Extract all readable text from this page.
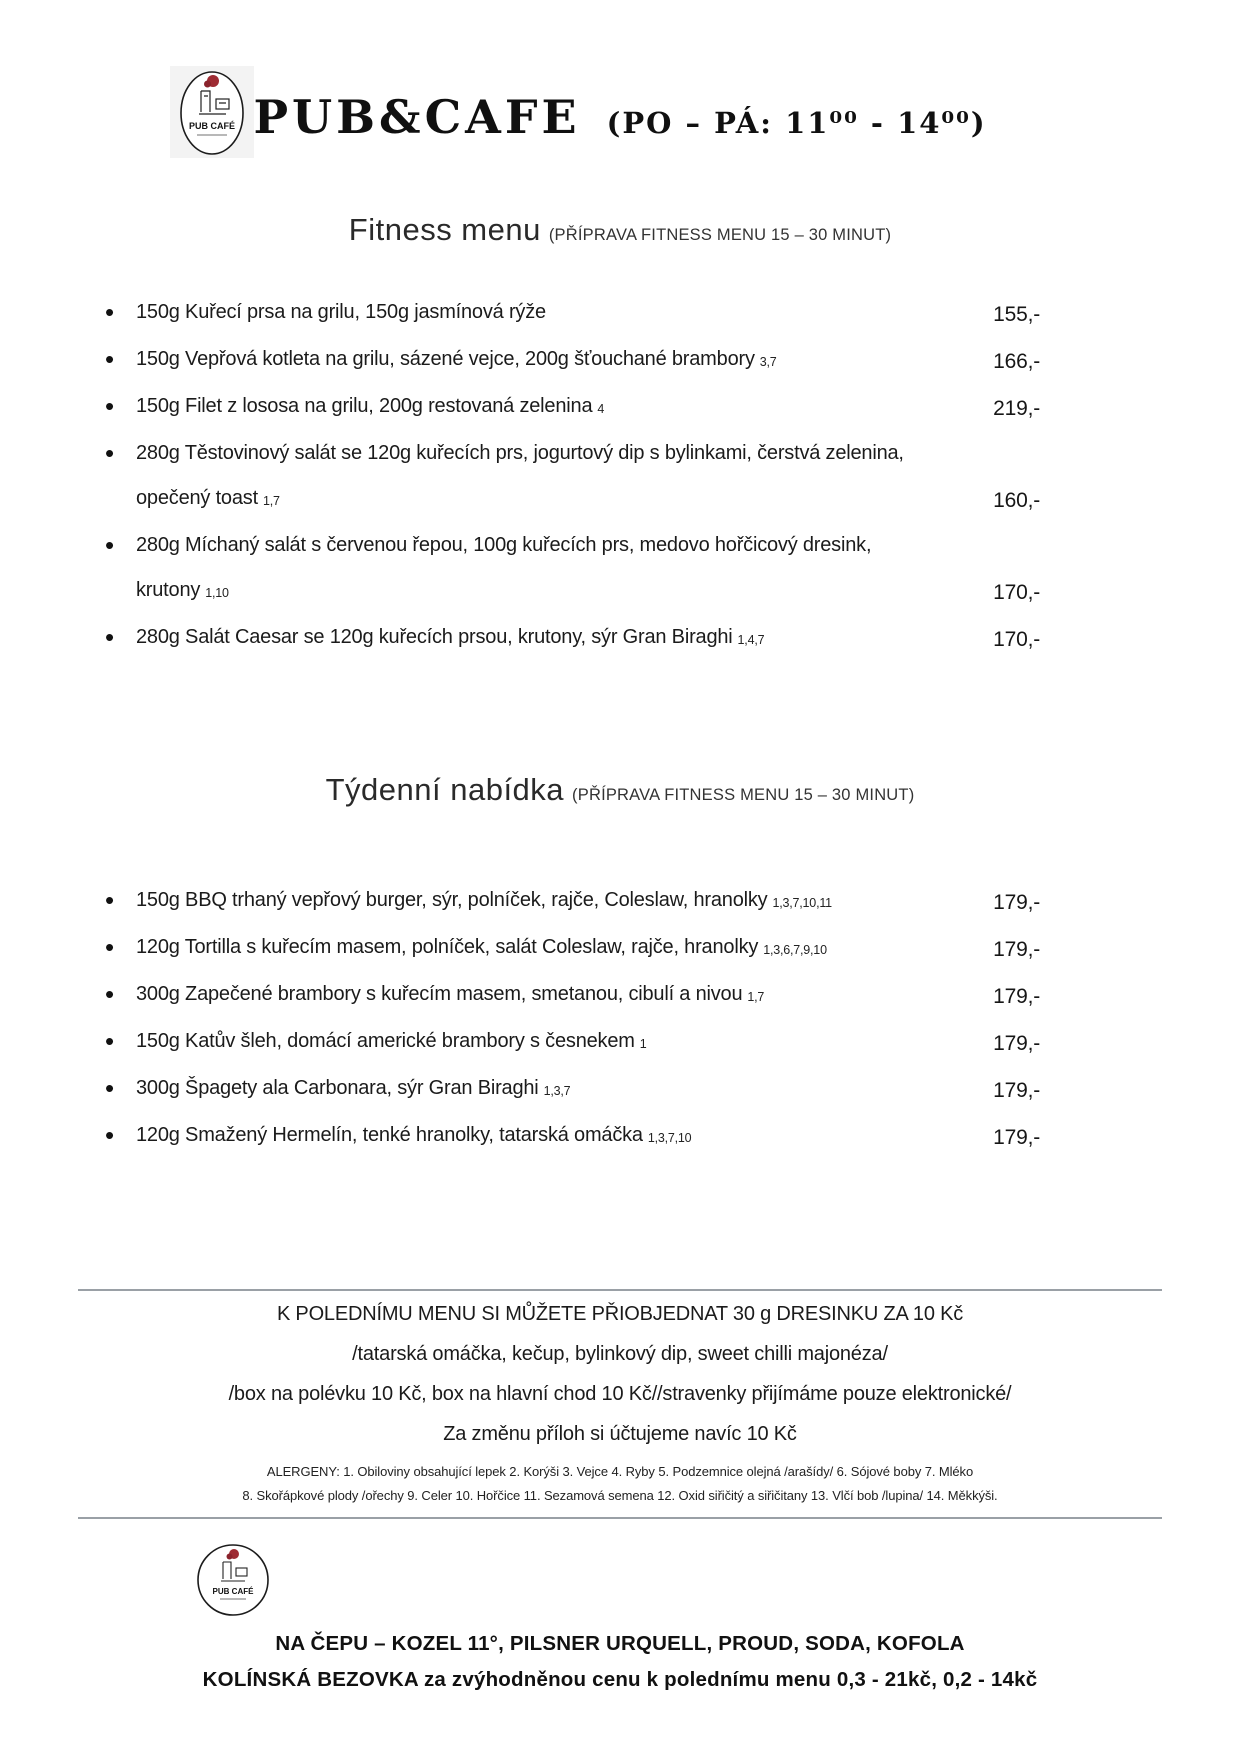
PUB CAFÉ PUB&CAFE (PO – PÁ: 11⁰⁰ - 14⁰⁰)
Fitness menu (PŘÍPRAVA FITNESS MENU 15 – 30 MINUT)
•
150g Kuřecí prsa na grilu, 150g jasmínová rýže	155,-
•
150g Vepřová kotleta na grilu, sázené vejce, 200g šťouchané brambory 3,7	166,-
•
150g Filet z lososa na grilu, 200g restovaná zelenina 4	219,-
•
280g Těstovinový salát se 120g kuřecích prs, jogurtový dip s bylinkami, čerstvá zelenina, opečený toast 1,7	160,-
•
280g Míchaný salát s červenou řepou, 100g kuřecích prs, medovo hořčicový dresink, krutony 1,10	170,-
•
280g Salát Caesar se 120g kuřecích prsou, krutony, sýr Gran Biraghi 1,4,7	170,-
Týdenní nabídka (PŘÍPRAVA FITNESS MENU 15 – 30 MINUT)
•
150g BBQ trhaný vepřový burger, sýr, polníček, rajče, Coleslaw, hranolky 1,3,7,10,11	179,-
•
120g Tortilla s kuřecím masem, polníček, salát Coleslaw, rajče, hranolky 1,3,6,7,9,10	179,-
•
300g Zapečené brambory s kuřecím masem, smetanou, cibulí a nivou 1,7	179,-
•
150g Katův šleh, domácí americké brambory s česnekem 1	179,-
•
300g Špagety ala Carbonara, sýr Gran Biraghi 1,3,7	179,-
•
120g Smažený Hermelín, tenké hranolky, tatarská omáčka 1,3,7,10	179,-
K POLEDNÍMU MENU SI MŮŽETE PŘIOBJEDNAT 30 g DRESINKU ZA 10 Kč
/tatarská omáčka, kečup, bylinkový dip, sweet chilli majonéza/
/box na polévku 10 Kč, box na hlavní chod 10 Kč//stravenky přijímáme pouze elektronické/
Za změnu příloh si účtujeme navíc 10 Kč
ALERGENY: 1. Obiloviny obsahující lepek 2. Korýši 3. Vejce 4. Ryby 5. Podzemnice olejná /arašídy/ 6. Sójové boby 7. Mléko
8. Skořápkové plody /ořechy 9. Celer 10. Hořčice 11. Sezamová semena 12. Oxid siřičitý a siřičitany 13. Vlčí bob /lupina/ 14. Měkkýši.
PUB CAFÉ
NA ČEPU – KOZEL 11°, PILSNER URQUELL, PROUD, SODA, KOFOLA
KOLÍNSKÁ BEZOVKA za zvýhodněnou cenu k polednímu menu 0,3 - 21kč, 0,2 - 14kč
